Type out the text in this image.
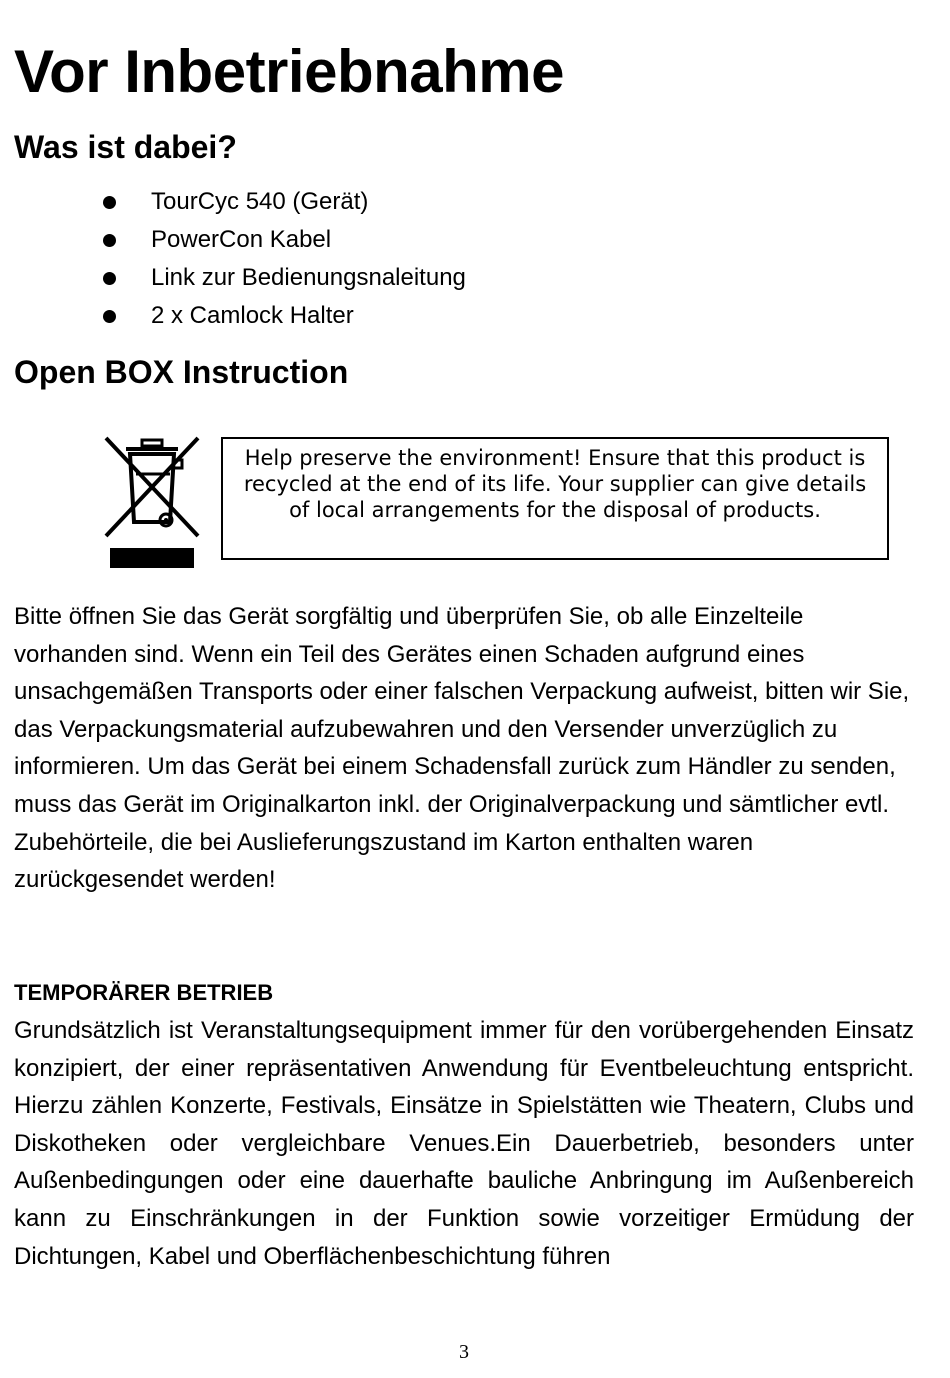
Vor Inbetriebnahme
Was ist dabei?
TourCyc 540 (Gerät)
PowerCon Kabel
Link zur Bedienungsnaleitung
2 x Camlock Halter
Open BOX Instruction

Help preserve the environment! Ensure that this product is recycled at the end of its life. Your supplier can give details of local arrangements for the disposal of products.

Bitte öffnen Sie das Gerät sorgfältig und überprüfen Sie, ob alle Einzelteile vorhanden sind. Wenn ein Teil des Gerätes einen Schaden aufgrund eines unsachgemäßen Transports oder einer falschen Verpackung aufweist, bitten wir Sie, das Verpackungsmaterial aufzubewahren und den Versender unverzüglich zu informieren. Um das Gerät bei einem Schadensfall zurück zum Händler zu senden, muss das Gerät im Originalkarton inkl. der Originalverpackung und sämtlicher evtl. Zubehörteile, die bei Auslieferungszustand im Karton enthalten waren zurückgesendet werden!

TEMPORÄRER BETRIEB

Grundsätzlich ist Veranstaltungsequipment immer für den vorübergehenden Einsatz konzipiert, der einer repräsentativen Anwendung für Eventbeleuchtung entspricht. Hierzu zählen Konzerte, Festivals, Einsätze in Spielstätten wie Theatern, Clubs und Diskotheken oder vergleichbare Venues.Ein Dauerbetrieb, besonders unter Außenbedingungen oder eine dauerhafte bauliche Anbringung im Außenbereich kann zu Einschränkungen in der Funktion sowie vorzeitiger Ermüdung der Dichtungen, Kabel und Oberflächenbeschichtung führen

3
